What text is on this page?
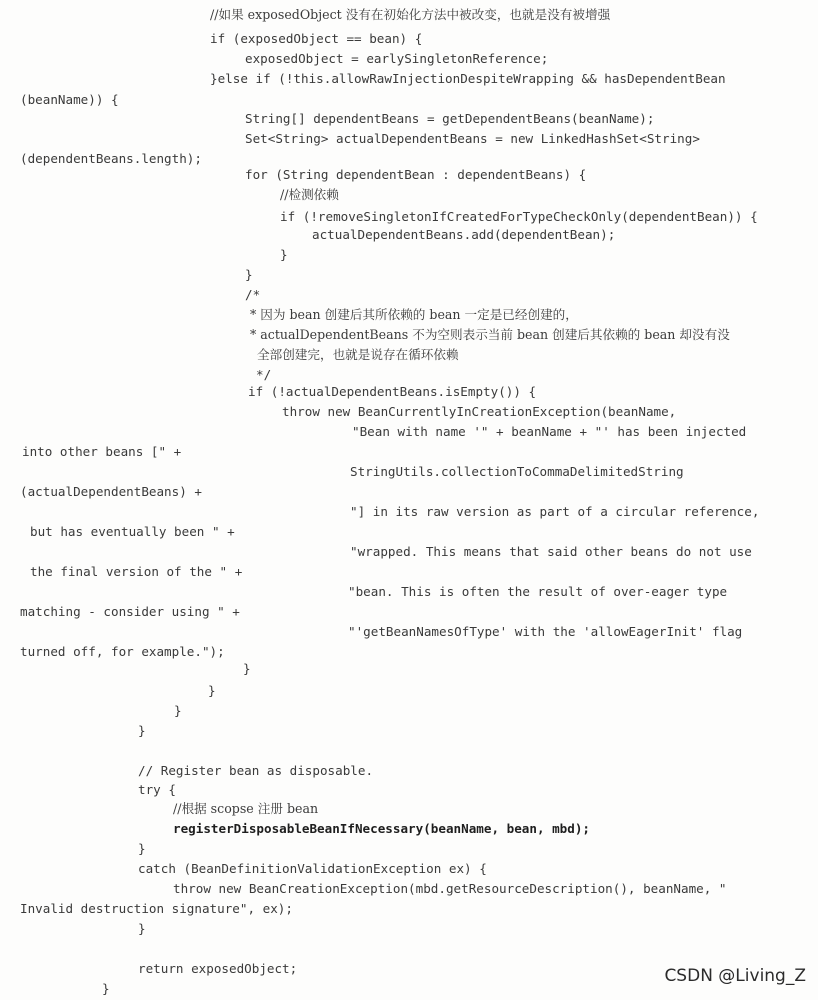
//如果 exposedObject 没有在初始化方法中被改变，也就是没有被增强
if (exposedObject == bean) {
exposedObject = earlySingletonReference;
}else if (!this.allowRawInjectionDespiteWrapping && hasDependentBean
(beanName)) {
String[] dependentBeans = getDependentBeans(beanName);
Set<String> actualDependentBeans = new LinkedHashSet<String>
(dependentBeans.length);
for (String dependentBean : dependentBeans) {
//检测依赖
if (!removeSingletonIfCreatedForTypeCheckOnly(dependentBean)) {
actualDependentBeans.add(dependentBean);
}
}
/*
* 因为 bean 创建后其所依赖的 bean 一定是已经创建的，
* actualDependentBeans 不为空则表示当前 bean 创建后其依赖的 bean 却没有没
全部创建完，也就是说存在循环依赖
*/
if (!actualDependentBeans.isEmpty()) {
throw new BeanCurrentlyInCreationException(beanName,
"Bean with name '" + beanName + "' has been injected
into other beans [" +
StringUtils.collectionToCommaDelimitedString
(actualDependentBeans) +
"] in its raw version as part of a circular reference,
but has eventually been " +
"wrapped. This means that said other beans do not use
the final version of the " +
"bean. This is often the result of over-eager type
matching - consider using " +
"'getBeanNamesOfType' with the 'allowEagerInit' flag
turned off, for example.");
}
}
}
}
// Register bean as disposable.
try {
//根据 scopse 注册 bean
registerDisposableBeanIfNecessary(beanName, bean, mbd);
}
catch (BeanDefinitionValidationException ex) {
throw new BeanCreationException(mbd.getResourceDescription(), beanName, "
Invalid destruction signature", ex);
}
return exposedObject;
}
CSDN @Living_Z
